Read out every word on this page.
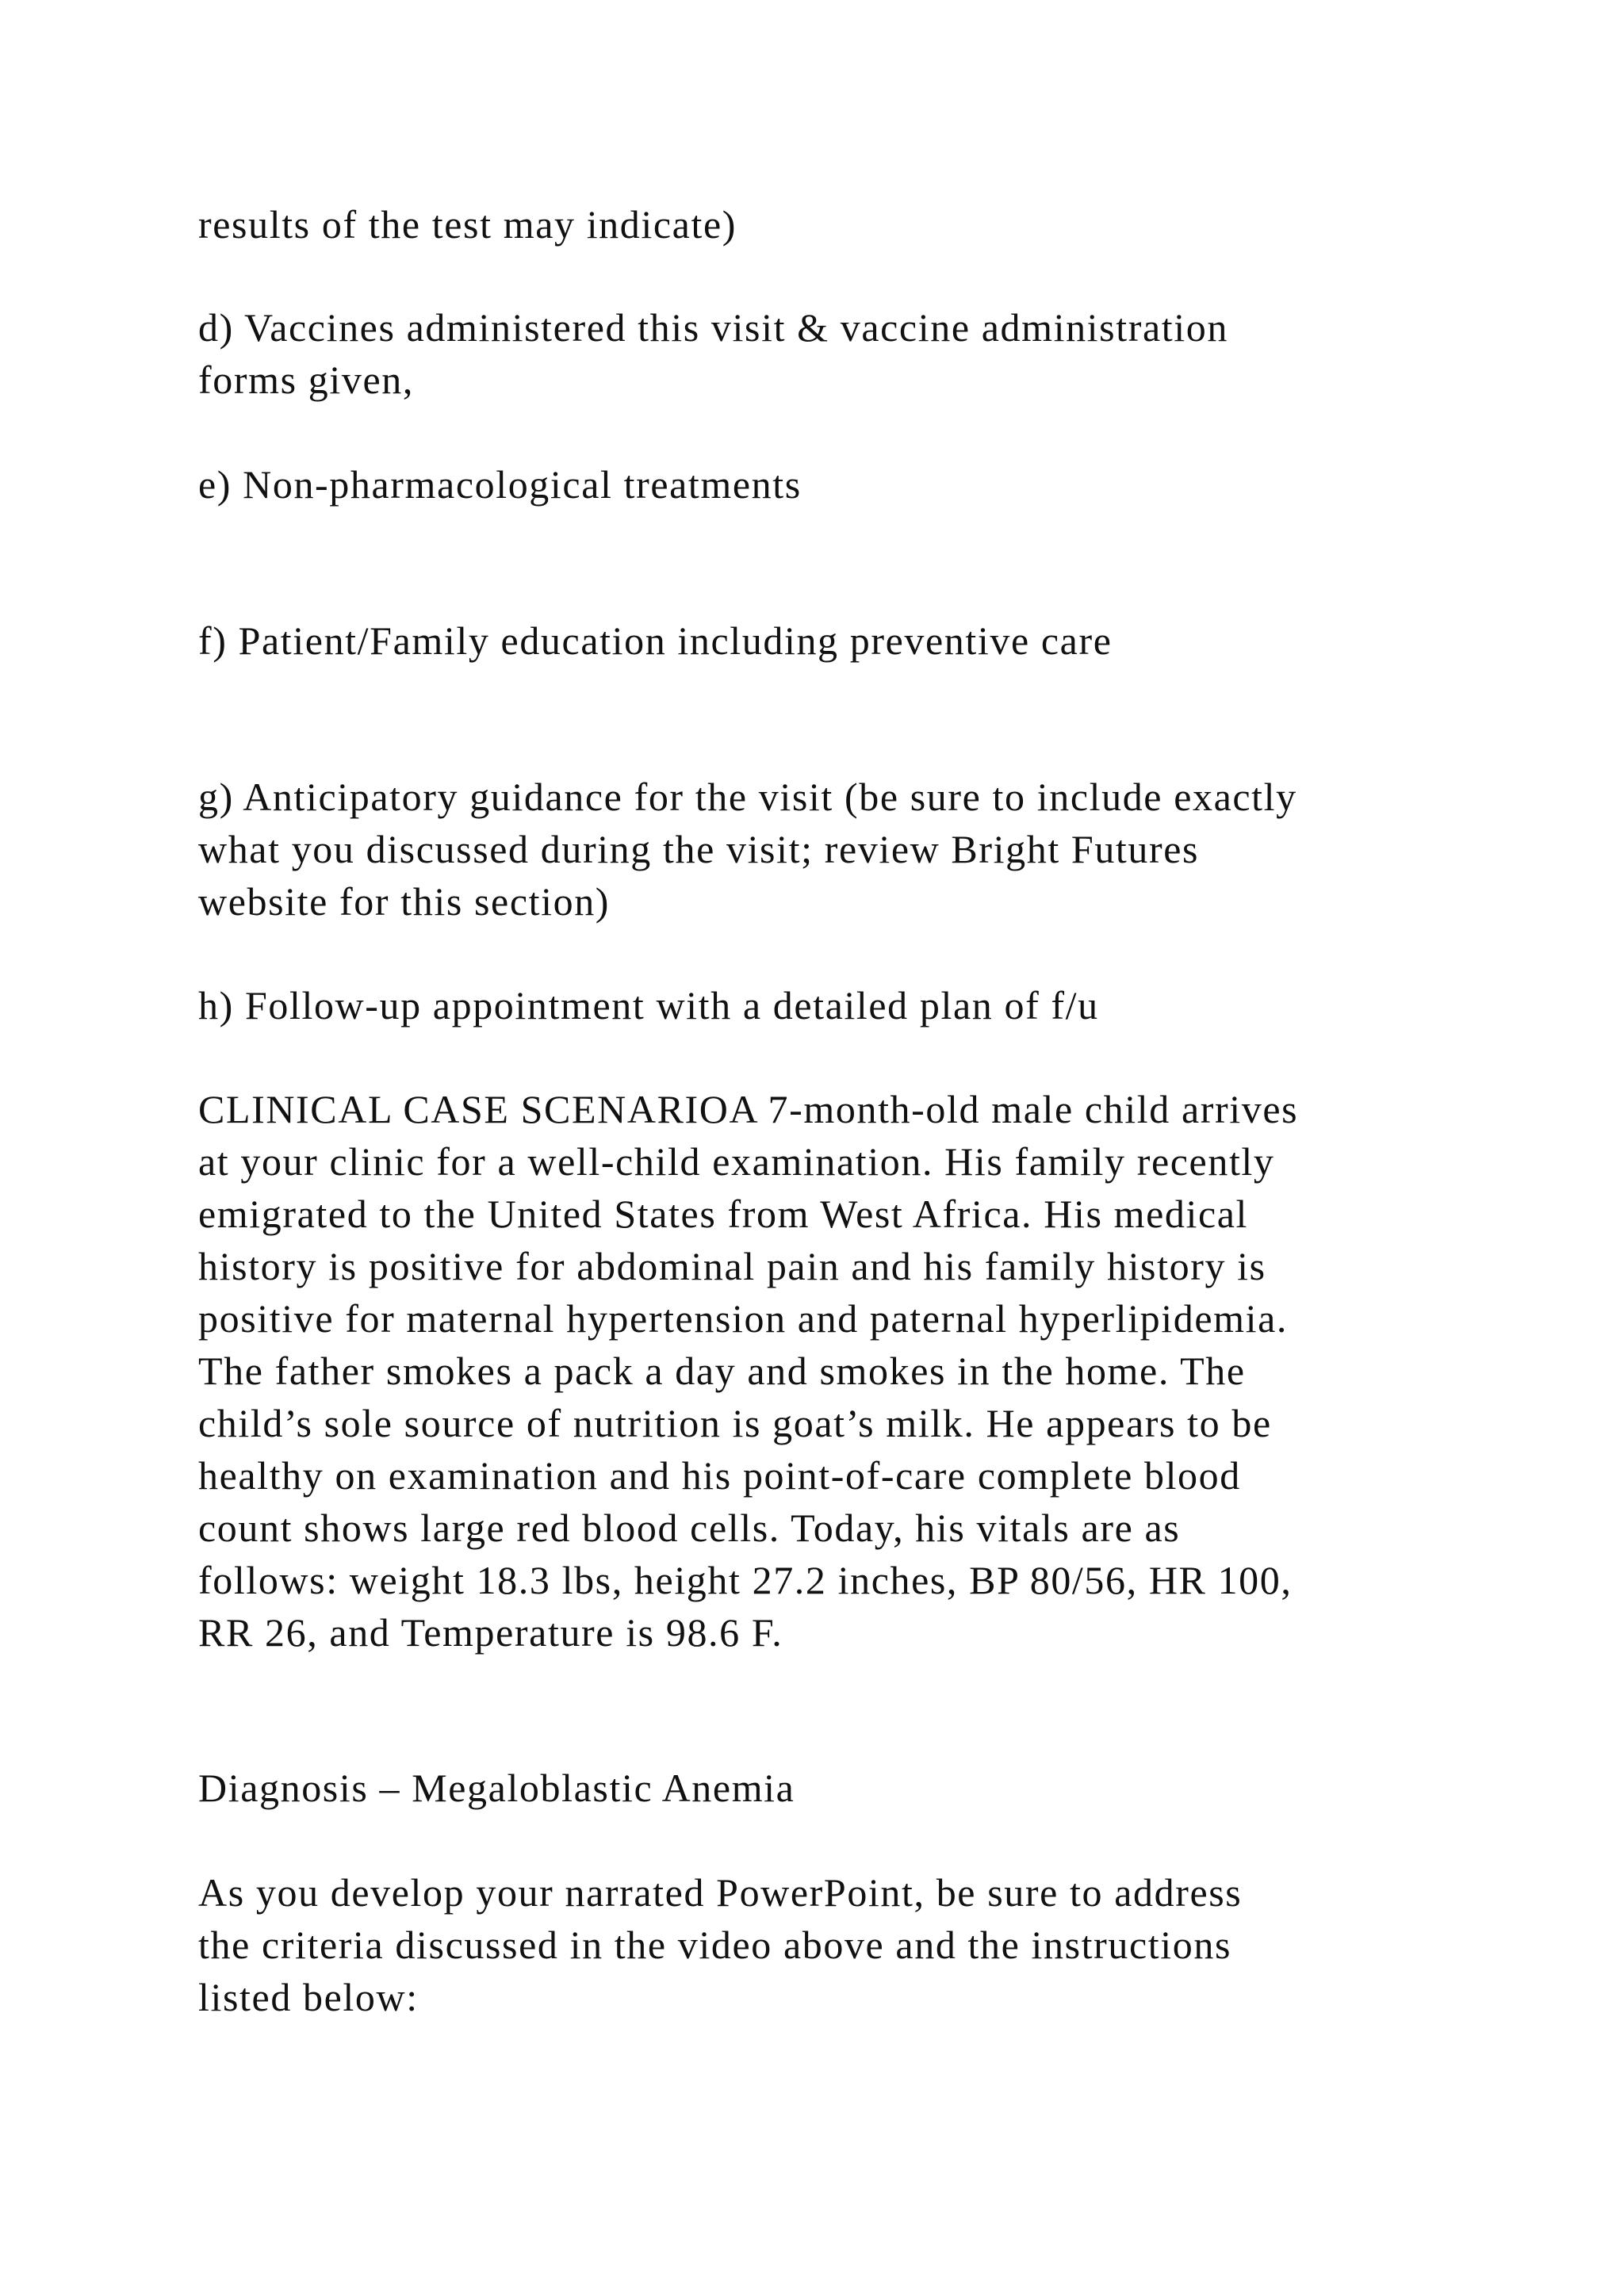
results of the test may indicate)

d) Vaccines administered this visit & vaccine administration

forms given,

e) Non-pharmacological treatments

f) Patient/Family education including preventive care

g) Anticipatory guidance for the visit (be sure to include exactly

what you discussed during the visit; review Bright Futures

website for this section)

h) Follow-up appointment with a detailed plan of f/u

CLINICAL CASE SCENARIOA 7-month-old male child arrives

at your clinic for a well-child examination. His family recently

emigrated to the United States from West Africa. His medical

history is positive for abdominal pain and his family history is

positive for maternal hypertension and paternal hyperlipidemia.

The father smokes a pack a day and smokes in the home. The

child’s sole source of nutrition is goat’s milk. He appears to be

healthy on examination and his point-of-care complete blood

count shows large red blood cells. Today, his vitals are as

follows: weight 18.3 lbs, height 27.2 inches, BP 80/56, HR 100,

RR 26, and Temperature is 98.6 F.

Diagnosis – Megaloblastic Anemia

As you develop your narrated PowerPoint, be sure to address

the criteria discussed in the video above and the instructions

listed below:
